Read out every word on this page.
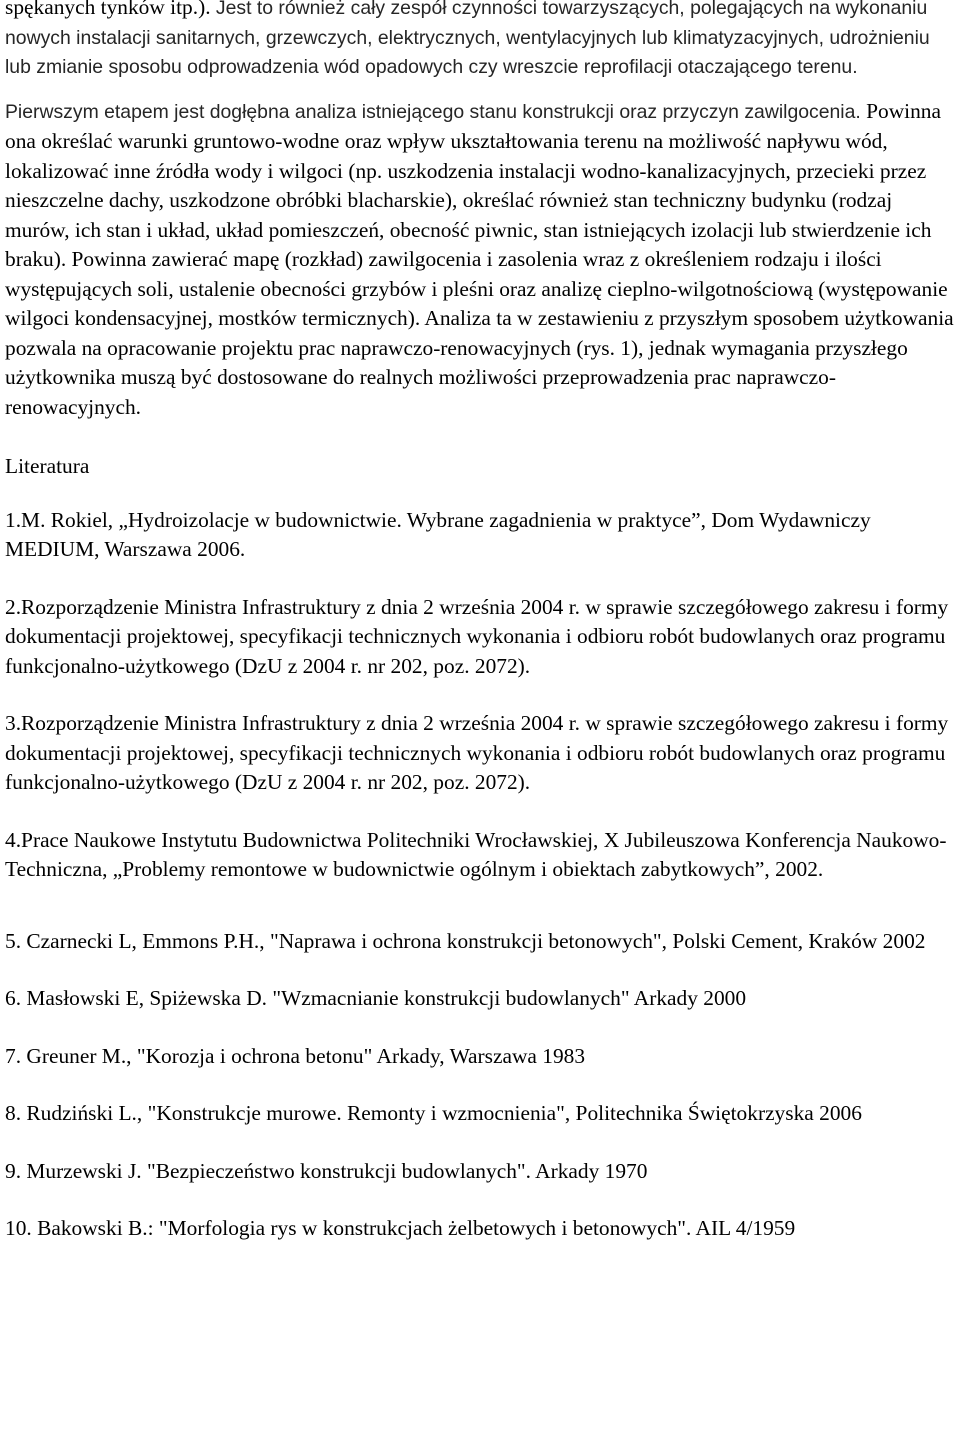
spękanych tynków itp.). Jest to również cały zespół czynności towarzyszących, polegających na wykonaniu nowych instalacji sanitarnych, grzewczych, elektrycznych, wentylacyjnych lub klimatyzacyjnych, udrożnieniu lub zmianie sposobu odprowadzenia wód opadowych czy wreszcie reprofilacji otaczającego terenu.

Pierwszym etapem jest dogłębna analiza istniejącego stanu konstrukcji oraz przyczyn zawilgocenia. Powinna ona określać warunki gruntowo-wodne oraz wpływ ukształtowania terenu na możliwość napływu wód, lokalizować inne źródła wody i wilgoci (np. uszkodzenia instalacji wodno-kanalizacyjnych, przecieki przez nieszczelne dachy, uszkodzone obróbki blacharskie), określać również stan techniczny budynku (rodzaj murów, ich stan i układ, układ pomieszczeń, obecność piwnic, stan istniejących izolacji lub stwierdzenie ich braku). Powinna zawierać mapę (rozkład) zawilgocenia i zasolenia wraz z określeniem rodzaju i ilości występujących soli, ustalenie obecności grzybów i pleśni oraz analizę cieplno-wilgotnościową (występowanie wilgoci kondensacyjnej, mostków termicznych). Analiza ta w zestawieniu z przyszłym sposobem użytkowania pozwala na opracowanie projektu prac naprawczo-renowacyjnych (rys. 1), jednak wymagania przyszłego użytkownika muszą być dostosowane do realnych możliwości przeprowadzenia prac naprawczo-renowacyjnych.

Literatura

1.M. Rokiel, „Hydroizolacje w budownictwie. Wybrane zagadnienia w praktyce”, Dom Wydawniczy MEDIUM, Warszawa 2006.

2.Rozporządzenie Ministra Infrastruktury z dnia 2 września 2004 r. w sprawie szczegółowego zakresu i formy dokumentacji projektowej, specyfikacji technicznych wykonania i odbioru robót budowlanych oraz programu funkcjonalno-użytkowego (DzU z 2004 r. nr 202, poz. 2072).

3.Rozporządzenie Ministra Infrastruktury z dnia 2 września 2004 r. w sprawie szczegółowego zakresu i formy dokumentacji projektowej, specyfikacji technicznych wykonania i odbioru robót budowlanych oraz programu funkcjonalno-użytkowego (DzU z 2004 r. nr 202, poz. 2072).

4.Prace Naukowe Instytutu Budownictwa Politechniki Wrocławskiej, X Jubileuszowa Konferencja Naukowo-Techniczna, „Problemy remontowe w budownictwie ogólnym i obiektach zabytkowych”, 2002.

5. Czarnecki L, Emmons P.H., "Naprawa i ochrona konstrukcji betonowych", Polski Cement, Kraków 2002

6. Masłowski E, Spiżewska D. "Wzmacnianie konstrukcji budowlanych" Arkady 2000

7. Greuner M., "Korozja i ochrona betonu" Arkady, Warszawa 1983

8. Rudziński L., "Konstrukcje murowe. Remonty i wzmocnienia", Politechnika Świętokrzyska 2006

9. Murzewski J. "Bezpieczeństwo konstrukcji budowlanych". Arkady 1970

10. Bakowski B.: "Morfologia rys w konstrukcjach żelbetowych i betonowych". AIL 4/1959
